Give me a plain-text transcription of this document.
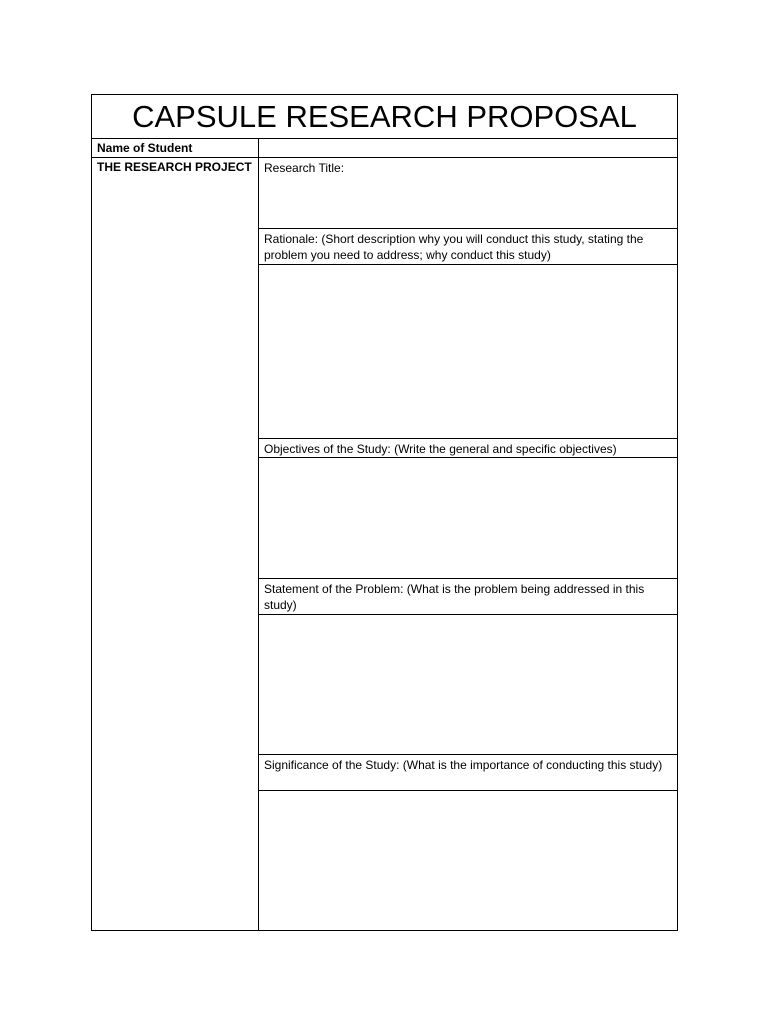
CAPSULE RESEARCH PROPOSAL
Name of Student
THE RESEARCH PROJECT	Research Title:
Rationale: (Short description why you will conduct this study, stating the problem you need to address; why conduct this study)
Objectives of the Study: (Write the general and specific objectives)
Statement of the Problem: (What is the problem being addressed in this study)
Significance of the Study: (What is the importance of conducting this study)
